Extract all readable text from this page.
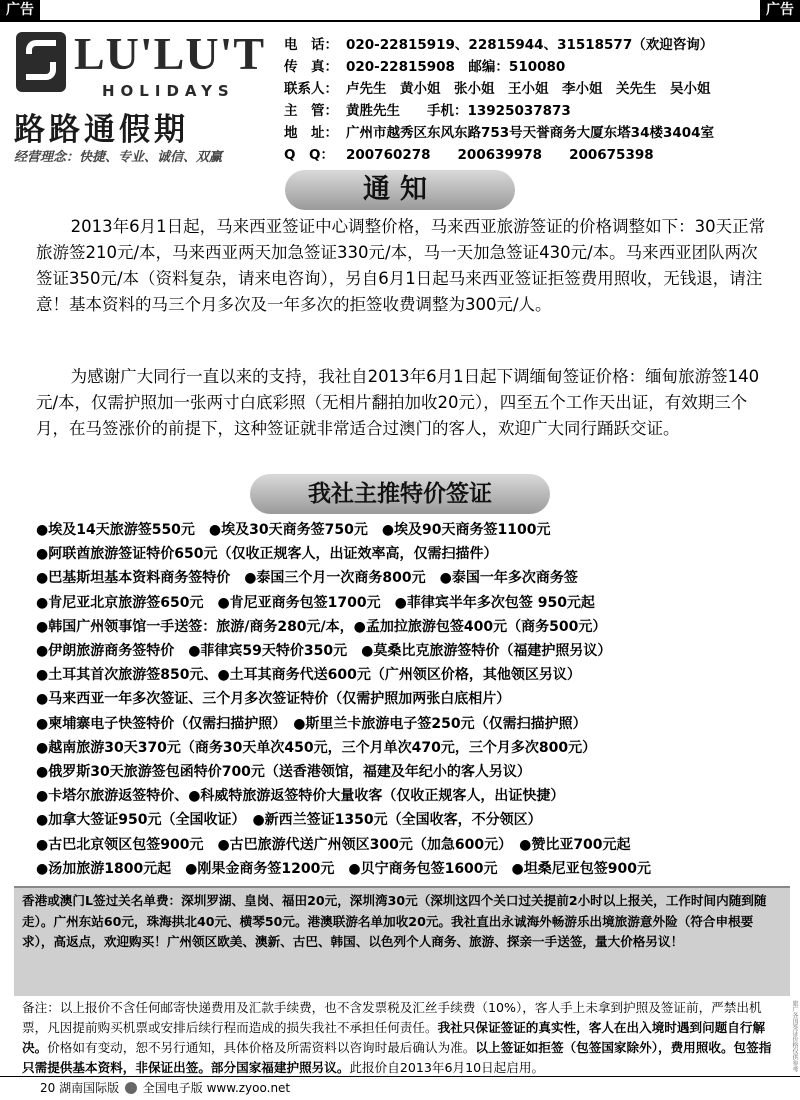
广告	广告
LU'LU'T
HOLIDAYS
路路通假期
经营理念：快捷、专业、诚信、双赢
电　话： 020-22815919、22815944、31518577（欢迎咨询）
传　真： 020-22815908　邮编：510080
联系人： 卢先生　黄小姐　张小姐　王小姐　李小姐　关先生　吴小姐
主　管： 黄胜先生　　手机：13925037873
地　址： 广州市越秀区东风东路753号天誉商务大厦东塔34楼3404室
Q　Q： 200760278　　200639978　　200675398
通知
2013年6月1日起，马来西亚签证中心调整价格，马来西亚旅游签证的价格调整如下：30天正常旅游签210元/本，马来西亚两天加急签证330元/本，马一天加急签证430元/本。马来西亚团队两次签证350元/本（资料复杂，请来电咨询），另自6月1日起马来西亚签证拒签费用照收，无钱退，请注意！基本资料的马三个月多次及一年多次的拒签收费调整为300元/人。
为感谢广大同行一直以来的支持，我社自2013年6月1日起下调缅甸签证价格：缅甸旅游签140元/本，仅需护照加一张两寸白底彩照（无相片翻拍加收20元），四至五个工作天出证，有效期三个月，在马签涨价的前提下，这种签证就非常适合过澳门的客人，欢迎广大同行踊跃交证。
我社主推特价签证
●埃及14天旅游签550元　●埃及30天商务签750元　●埃及90天商务签1100元
●阿联酋旅游签证特价650元（仅收正规客人，出证效率高，仅需扫描件）
●巴基斯坦基本资料商务签特价　●泰国三个月一次商务800元　●泰国一年多次商务签
●肯尼亚北京旅游签650元　●肯尼亚商务包签1700元　●菲律宾半年多次包签 950元起
●韩国广州领事馆一手送签：旅游/商务280元/本，●孟加拉旅游包签400元（商务500元）
●伊朗旅游商务签特价　●菲律宾59天特价350元　●莫桑比克旅游签特价（福建护照另议）
●土耳其首次旅游签850元、●土耳其商务代送600元（广州领区价格，其他领区另议）
●马来西亚一年多次签证、三个月多次签证特价（仅需护照加两张白底相片）
●柬埔寨电子快签特价（仅需扫描护照）　●斯里兰卡旅游电子签250元（仅需扫描护照）
●越南旅游30天370元（商务30天单次450元，三个月单次470元，三个月多次800元）
●俄罗斯30天旅游签包函特价700元（送香港领馆，福建及年纪小的客人另议）
●卡塔尔旅游返签特价、●科威特旅游返签特价大量收客（仅收正规客人，出证快捷）
●加拿大签证950元（全国收证）　●新西兰签证1350元（全国收客，不分领区）
●古巴北京领区包签900元　●古巴旅游代送广州领区300元（加急600元）　●赞比亚700元起
●汤加旅游1800元起　●刚果金商务签1200元　●贝宁商务包签1600元　●坦桑尼亚包签900元
香港或澳门L签过关名单费：深圳罗湖、皇岗、福田20元，深圳湾30元（深圳这四个关口过关提前2小时以上报关，工作时间内随到随走）。广州东站60元，珠海拱北40元、横琴50元。港澳联游名单加收20元。我社直出永诚海外畅游乐出境旅游意外险（符合申根要求），高返点，欢迎购买！广州领区欧美、澳新、古巴、韩国、以色列个人商务、旅游、探亲一手送签，量大价格另议！
备注：以上报价不含任何邮寄快递费用及汇款手续费，也不含发票税及汇丝手续费（10%），客人手上未拿到护照及签证前，严禁出机票，凡因提前购买机票或安排后续行程而造成的损失我社不承担任何责任。我社只保证签证的真实性，客人在出入境时遇到问题自行解决。价格如有变动，恕不另行通知，具体价格及所需资料以咨询时最后确认为准。以上签证如拒签（包签国家除外），费用照收。包签指只需提供基本资料，非保证出签。部分国家福建护照另议。此报价自2013年6月10日起启用。	旅广各国签证价格仅供参考
20 湖南国际版 全国电子版 www.zyoo.net
